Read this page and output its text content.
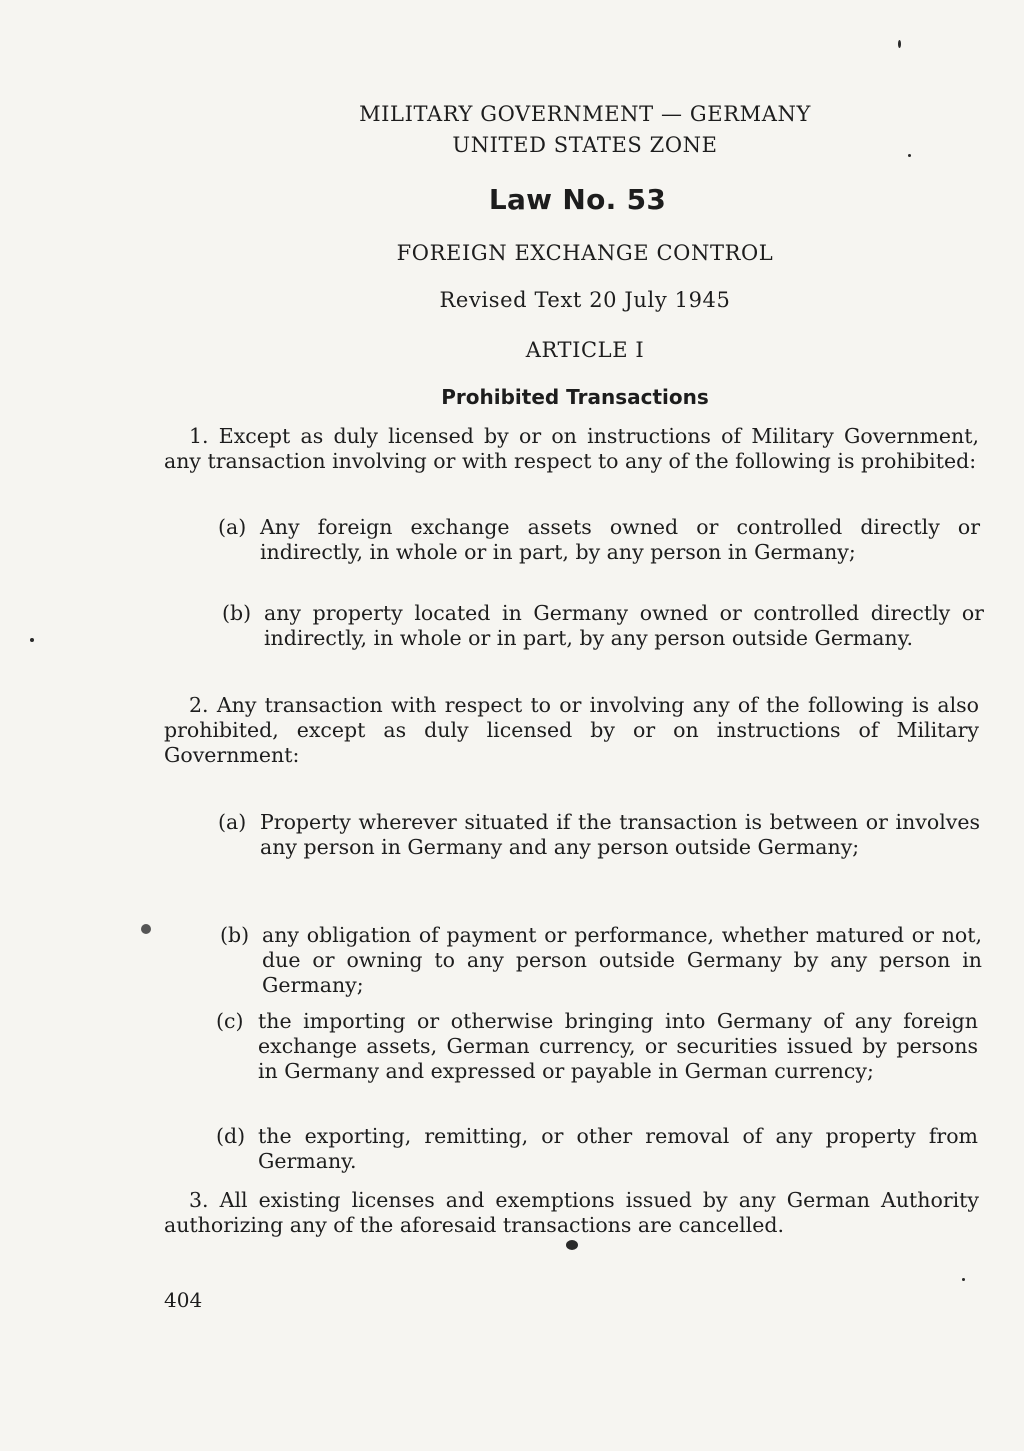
MILITARY GOVERNMENT — GERMANY
UNITED STATES ZONE
Law No. 53
FOREIGN EXCHANGE CONTROL
Revised Text 20 July 1945
ARTICLE I
Prohibited Transactions
1. Except as duly licensed by or on instructions of Military Government, any transaction involving or with respect to any of the following is prohibited:
(a) Any foreign exchange assets owned or controlled directly or indirectly, in whole or in part, by any person in Germany;
(b) any property located in Germany owned or controlled directly or indirectly, in whole or in part, by any person outside Germany.
2. Any transaction with respect to or involving any of the following is also prohibited, except as duly licensed by or on instructions of Military Government:
(a) Property wherever situated if the transaction is between or involves any person in Germany and any person outside Germany;
(b) any obligation of payment or performance, whether matured or not, due or owning to any person outside Germany by any person in Germany;
(c) the importing or otherwise bringing into Germany of any foreign exchange assets, German currency, or securities issued by persons in Germany and expressed or payable in German currency;
(d) the exporting, remitting, or other removal of any property from Germany.
3. All existing licenses and exemptions issued by any German Authority authorizing any of the aforesaid transactions are cancelled.
404
